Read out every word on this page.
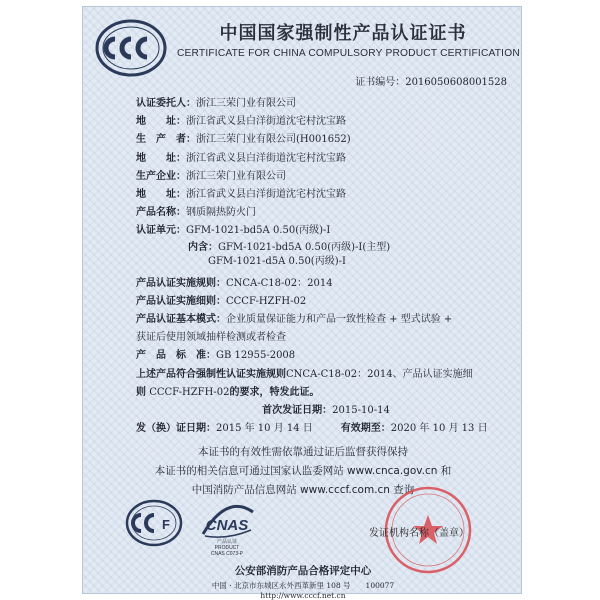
中国国家强制性产品认证证书
CERTIFICATE FOR CHINA COMPULSORY PRODUCT CERTIFICATION
证书编号：2016050608001528
认证委托人：浙江三荣门业有限公司
地　　址：浙江省武义县白洋街道沈宅村沈宝路
生　产　者：浙江三荣门业有限公司(H001652)
地　　址：浙江省武义县白洋街道沈宅村沈宝路
生产企业：浙江三荣门业有限公司
地　　址：浙江省武义县白洋街道沈宅村沈宝路
产品名称：钢质隔热防火门
认证单元：GFM-1021-bd5A 0.50(丙级)-I
内含：GFM-1021-bd5A 0.50(丙级)-I(主型)
GFM-1021-d5A 0.50(丙级)-I
产品认证实施规则：CNCA-C18-02：2014
产品认证实施细则：CCCF-HZFH-02
产品认证基本模式：企业质量保证能力和产品一致性检查 + 型式试验 +
获证后使用领域抽样检测或者检查
产　品　标　准：GB 12955-2008
上述产品符合强制性认证实施规则CNCA-C18-02：2014、产品认证实施细
则 CCCF-HZFH-02的要求，特发此证。
首次发证日期：2015-10-14
发（换）证日期：2015 年 10 月 14 日	有效期至：2020 年 10 月 13 日
本证书的有效性需依靠通过证后监督获得保持
本证书的相关信息可通过国家认监委网站 www.cnca.gov.cn 和
中国消防产品信息网站 www.cccf.com.cn 查询
F CNAS
产品认证
PRODUCT
CNAS C073-P
发证机构名称（盖章）
公安部消防产品合格评定中心
中国 · 北京市东城区永外西革新里 108 号　　100077
http://www.cccf.net.cn
